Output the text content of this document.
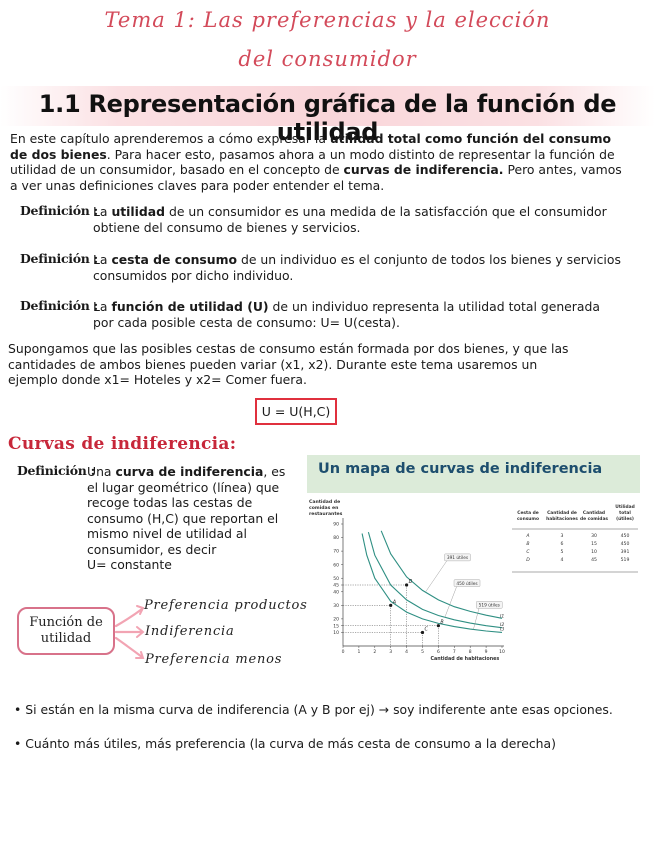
Tema 1: Las preferencias y la elección
del consumidor
1.1 Representación gráfica de la función de utilidad
En este capítulo aprenderemos a cómo expresar la utilidad total como función del consumo de dos bienes. Para hacer esto, pasamos ahora a un modo distinto de representar la función de utilidad de un consumidor, basado en el concepto de curvas de indiferencia. Pero antes, vamos a ver unas definiciones claves para poder entender el tema.
Definición :
La utilidad de un consumidor es una medida de la satisfacción que el consumidor obtiene del consumo de bienes y servicios.
Definición :
La cesta de consumo de un individuo es el conjunto de todos los bienes y servicios consumidos por dicho individuo.
Definición :
La función de utilidad (U) de un individuo representa la utilidad total generada por cada posible cesta de consumo: U= U(cesta).
Supongamos que las posibles cestas de consumo están formada por dos bienes, y que las cantidades de ambos bienes pueden variar (x1, x2). Durante este tema usaremos un ejemplo donde x1= Hoteles y x2= Comer fuera.
U = U(H,C)
Curvas de indiferencia:
Definición :
Una curva de indiferencia, es el lugar geométrico (línea) que recoge todas las cestas de consumo (H,C) que reportan el mismo nivel de utilidad al consumidor, es decir
U= constante
Un mapa de curvas de indiferencia
0	1	2	3	4	5	6	7	8	9	10
10
15
20
30
40
45
50
60
70
80
90
A
B
C
D
Cantidad de
comidas en
restaurantes
Cantidad de habitaciones
I1
I2
I3
391 útiles
450 útiles
519 útiles
Cesta de
consumo
Cantidad de
habitaciones
Cantidad
de comidas
Utilidad
total
(útiles)
A	3	30	450
B	6	15	450
C	5	10	391
D	4	45	519
Función de
utilidad
Preferencia productos
Indiferencia
Preferencia menos
• Si están en la misma curva de indiferencia (A y B por ej) → soy indiferente ante esas opciones.
• Cuánto más útiles, más preferencia (la curva de más cesta de consumo a la derecha)
